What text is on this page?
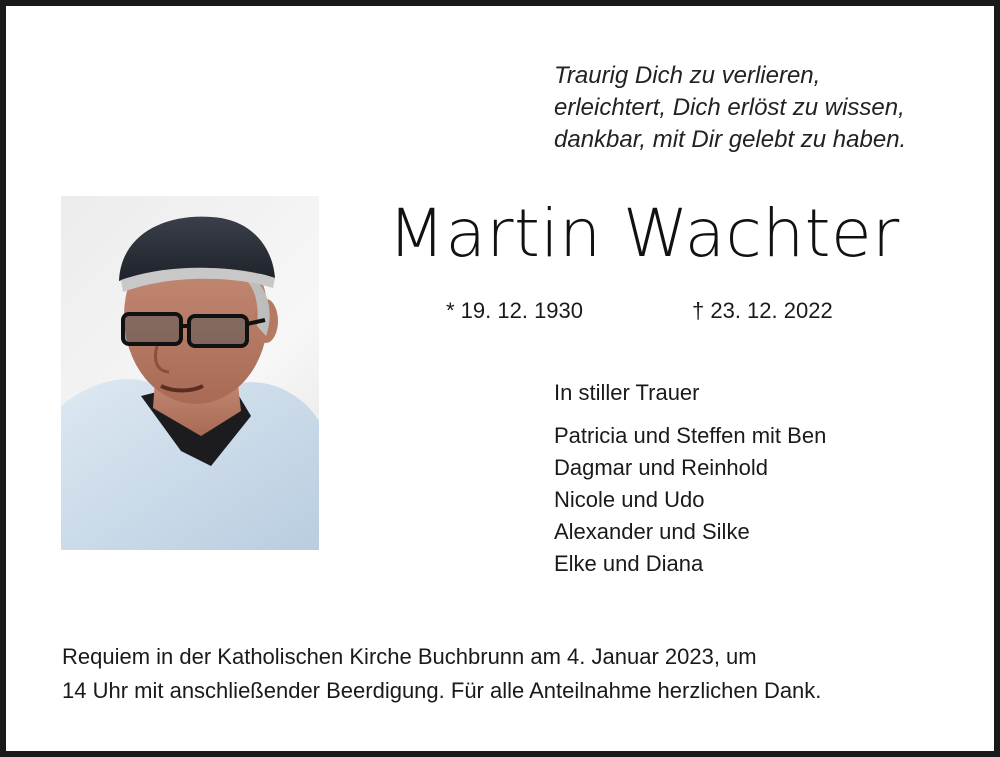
Traurig Dich zu verlieren,
erleichtert, Dich erlöst zu wissen,
dankbar, mit Dir gelebt zu haben.
Martin Wachter
* 19. 12. 1930	† 23. 12. 2022
In stiller Trauer
Patricia und Steffen mit Ben
Dagmar und Reinhold
Nicole und Udo
Alexander und Silke
Elke und Diana
Requiem in der Katholischen Kirche Buchbrunn am 4. Januar 2023, um
14 Uhr mit anschließender Beerdigung. Für alle Anteilnahme herzlichen Dank.
